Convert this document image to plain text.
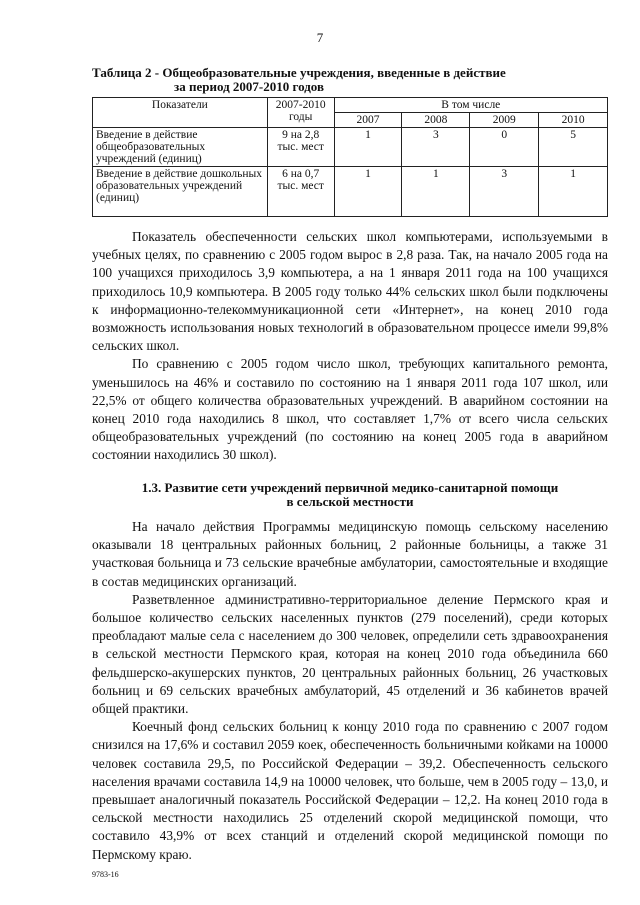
7
Таблица 2 - Общеобразовательные учреждения, введенные в действие
за период 2007-2010 годов
Показатели	2007-2010 годы	В том числе			
		2007	2008	2009	2010
Введение в действие общеобразовательных учреждений (единиц)	9 на 2,8 тыс. мест	1	3	0	5
Введение в действие дошкольных образовательных учреждений (единиц)	6 на 0,7 тыс. мест	1	1	3	1

Показатель обеспеченности сельских школ компьютерами, используемыми в учебных целях, по сравнению с 2005 годом вырос в 2,8 раза. Так, на начало 2005 года на 100 учащихся приходилось 3,9 компьютера, а на 1 января 2011 года на 100 учащихся приходилось 10,9 компьютера. В 2005 году только 44% сельских школ были подключены к информационно-телекоммуникационной сети «Интернет», на конец 2010 года возможность использования новых технологий в образовательном процессе имели 99,8% сельских школ.

По сравнению с 2005 годом число школ, требующих капитального ремонта, уменьшилось на 46% и составило по состоянию на 1 января 2011 года 107 школ, или 22,5% от общего количества образовательных учреждений. В аварийном состоянии на конец 2010 года находились 8 школ, что составляет 1,7% от всего числа сельских общеобразовательных учреждений (по состоянию на конец 2005 года в аварийном состоянии находились 30 школ).

1.3. Развитие сети учреждений первичной медико-санитарной помощи
в сельской местности

На начало действия Программы медицинскую помощь сельскому населению оказывали 18 центральных районных больниц, 2 районные больницы, а также 31 участковая больница и 73 сельские врачебные амбулатории, самостоятельные и входящие в состав медицинских организаций.

Разветвленное административно-территориальное деление Пермского края и большое количество сельских населенных пунктов (279 поселений), среди которых преобладают малые села с населением до 300 человек, определили сеть здравоохранения в сельской местности Пермского края, которая на конец 2010 года объединила 660 фельдшерско-акушерских пунктов, 20 центральных районных больниц, 26 участковых больниц и 69 сельских врачебных амбулаторий, 45 отделений и 36 кабинетов врачей общей практики.

Коечный фонд сельских больниц к концу 2010 года по сравнению с 2007 годом снизился на 17,6% и составил 2059 коек, обеспеченность больничными койками на 10000 человек составила 29,5, по Российской Федерации – 39,2. Обеспеченность сельского населения врачами составила 14,9 на 10000 человек, что больше, чем в 2005 году – 13,0, и превышает аналогичный показатель Российской Федерации – 12,2. На конец 2010 года в сельской местности находились 25 отделений скорой медицинской помощи, что составило 43,9% от всех станций и отделений скорой медицинской помощи по Пермскому краю.

9783-16
